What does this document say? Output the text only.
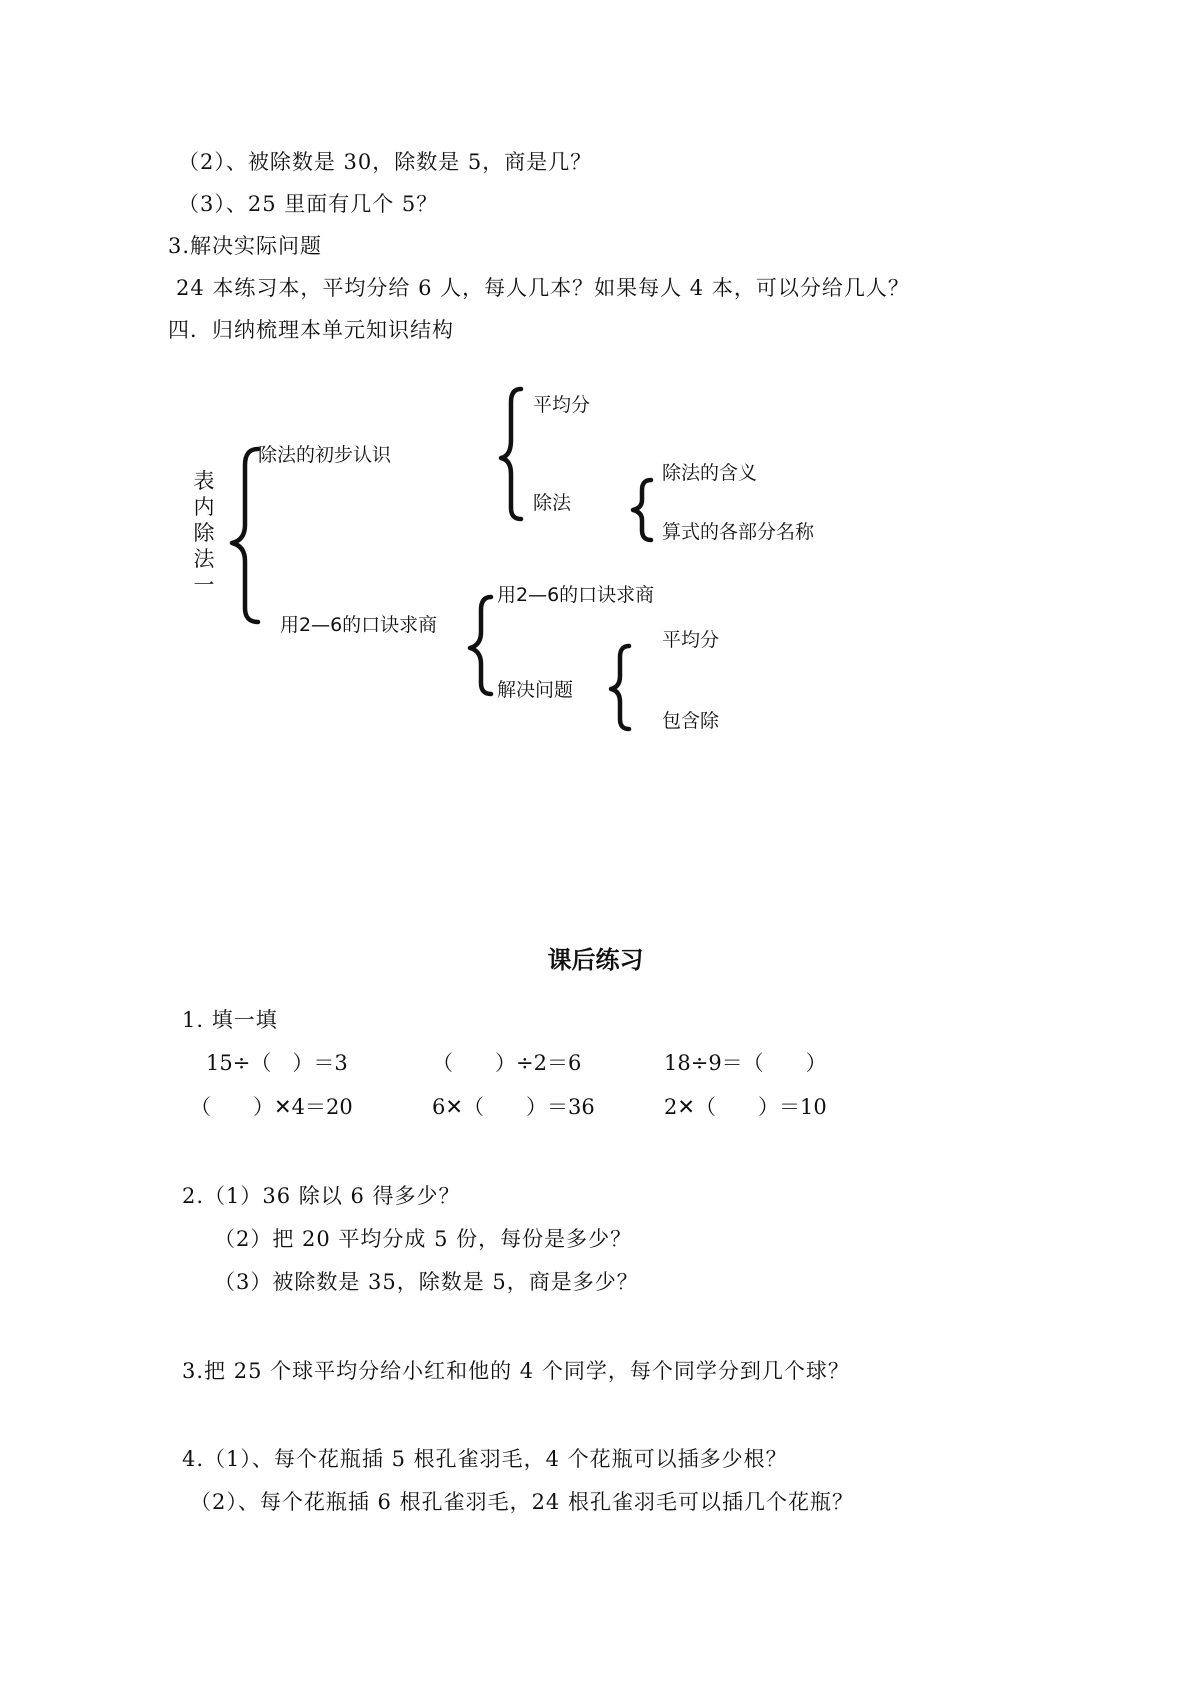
（2）、被除数是 30，除数是 5，商是几？
（3）、25 里面有几个 5？
3.解决实际问题
24 本练习本，平均分给 6 人，每人几本？如果每人 4 本，可以分给几人？
四．归纳梳理本单元知识结构
表
内
除
法
一
除法的初步认识
平均分
除法
除法的含义
算式的各部分名称
用2—6的口诀求商
用2—6的口诀求商
解决问题
平均分
包含除
课后练习
1. 填一填
15÷（　）＝3	（　　）÷2＝6	18÷9＝（　　）
（　　）✕4＝20	6✕（　　）＝36	2✕（　　）＝10
2.（1）36 除以 6 得多少？
（2）把 20 平均分成 5 份，每份是多少？
（3）被除数是 35，除数是 5，商是多少？
3.把 25 个球平均分给小红和他的 4 个同学，每个同学分到几个球？
4.（1）、每个花瓶插 5 根孔雀羽毛，4 个花瓶可以插多少根？
（2）、每个花瓶插 6 根孔雀羽毛，24 根孔雀羽毛可以插几个花瓶？
